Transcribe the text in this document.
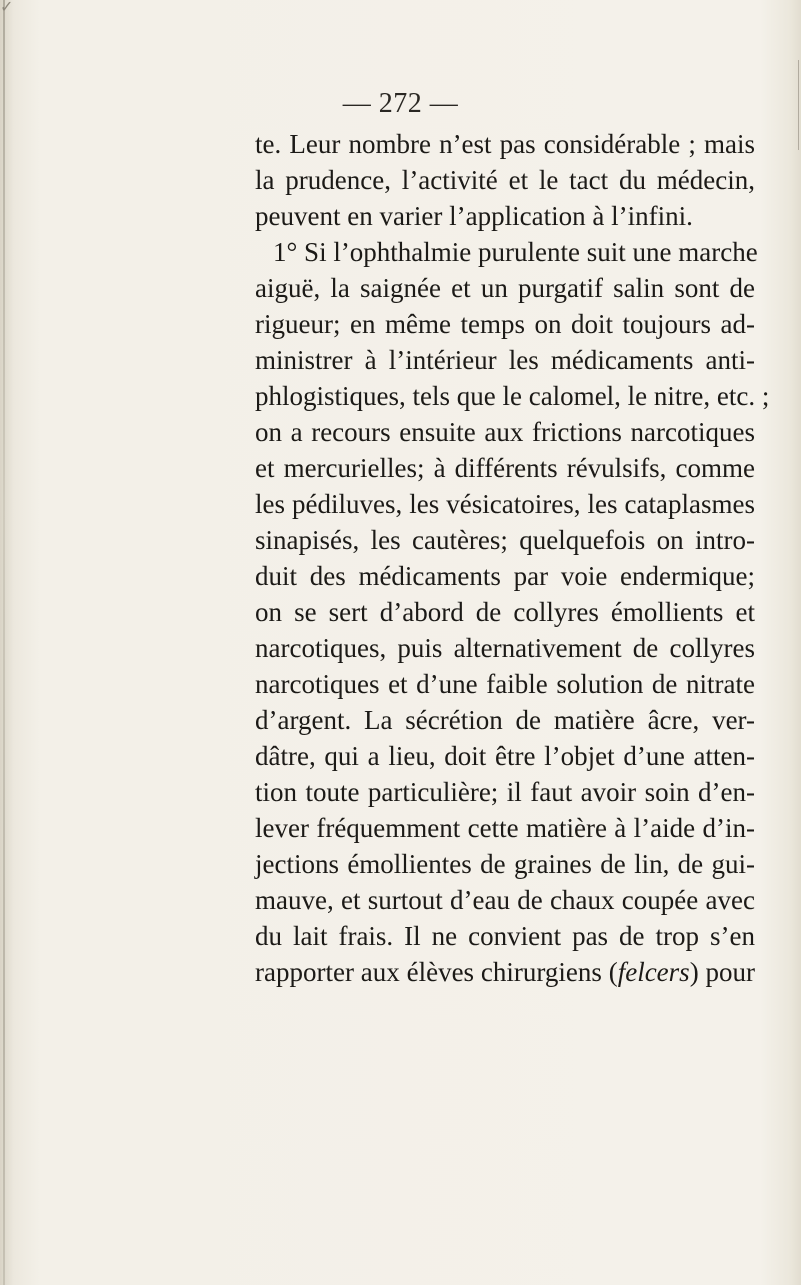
✓
— 272 —
te. Leur nombre n’est pas considérable ; mais
la prudence, l’activité et le tact du médecin,
peuvent en varier l’application à l’infini.
1° Si l’ophthalmie purulente suit une marche
aiguë, la saignée et un purgatif salin sont de
rigueur; en même temps on doit toujours ad-
ministrer à l’intérieur les médicaments anti-
phlogistiques, tels que le calomel, le nitre, etc. ;
on a recours ensuite aux frictions narcotiques
et mercurielles; à différents révulsifs, comme
les pédiluves, les vésicatoires, les cataplasmes
sinapisés, les cautères; quelquefois on intro-
duit des médicaments par voie endermique;
on se sert d’abord de collyres émollients et
narcotiques, puis alternativement de collyres
narcotiques et d’une faible solution de nitrate
d’argent. La sécrétion de matière âcre, ver-
dâtre, qui a lieu, doit être l’objet d’une atten-
tion toute particulière; il faut avoir soin d’en-
lever fréquemment cette matière à l’aide d’in-
jections émollientes de graines de lin, de gui-
mauve, et surtout d’eau de chaux coupée avec
du lait frais. Il ne convient pas de trop s’en
rapporter aux élèves chirurgiens (felcers) pour
